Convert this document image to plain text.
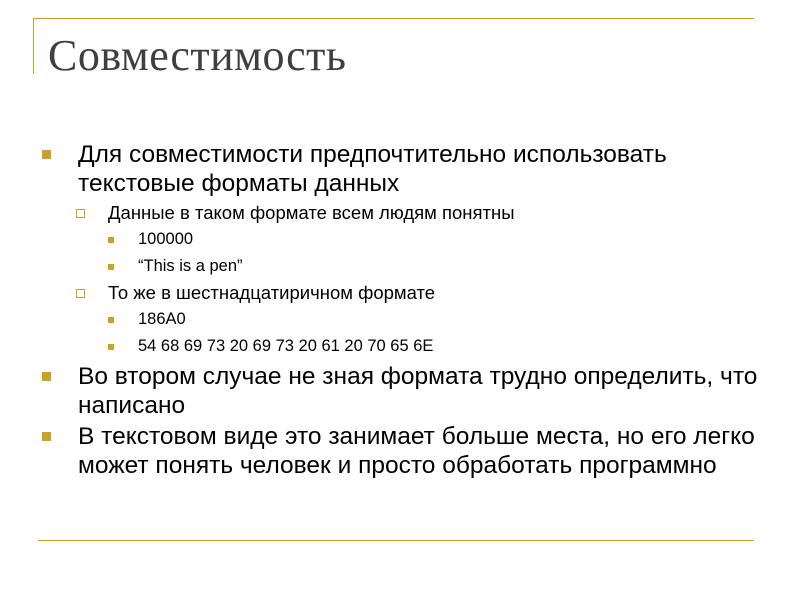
Совместимость
Для совместимости предпочтительно использовать текстовые форматы данных
Данные в таком формате всем людям понятны
100000
“This is a pen”
То же в шестнадцатиричном формате
186A0
54 68 69 73 20 69 73 20 61 20 70 65 6E
Во втором случае не зная формата трудно определить, что написано
В текстовом виде это занимает больше места, но его легко может понять человек и просто обработать программно
